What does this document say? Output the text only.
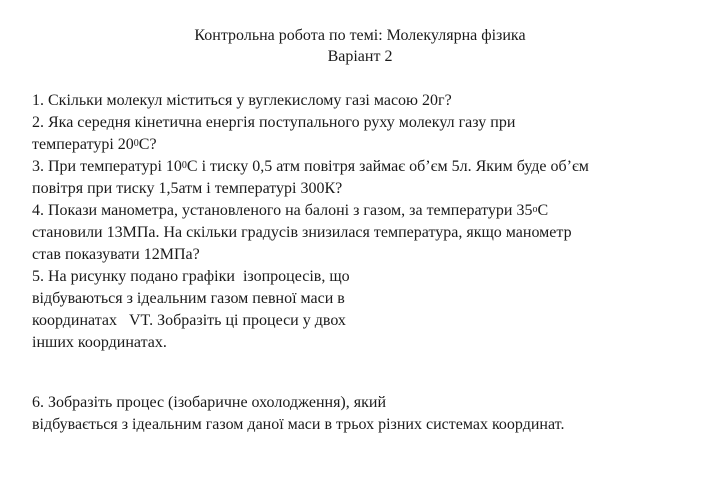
Контрольна робота по темі: Молекулярна фізика
Варіант 2
1. Скільки молекул міститься у вуглекислому газі масою 20г?
2. Яка середня кінетична енергія поступального руху молекул газу при
температурі $20^0С$?
3. При температурі $10^0С$ і тиску 0,5 атм повітря займає об’єм 5л. Яким буде об’єм
повітря при тиску 1,5атм і температурі 300К?
4. Покази манометра, установленого на балоні з газом, за температури $35^оС$
становили 13МПа. На скільки градусів знизилася температура, якщо манометр
став показувати 12МПа?
5. На рисунку подано графіки  ізопроцесів, що
відбуваються з ідеальним газом певної маси в
координатах   VT. Зобразіть ці процеси у двох
інших координатах.
6. Зобразіть процес (ізобаричне охолодження), який
відбувається з ідеальним газом даної маси в трьох різних системах координат.
